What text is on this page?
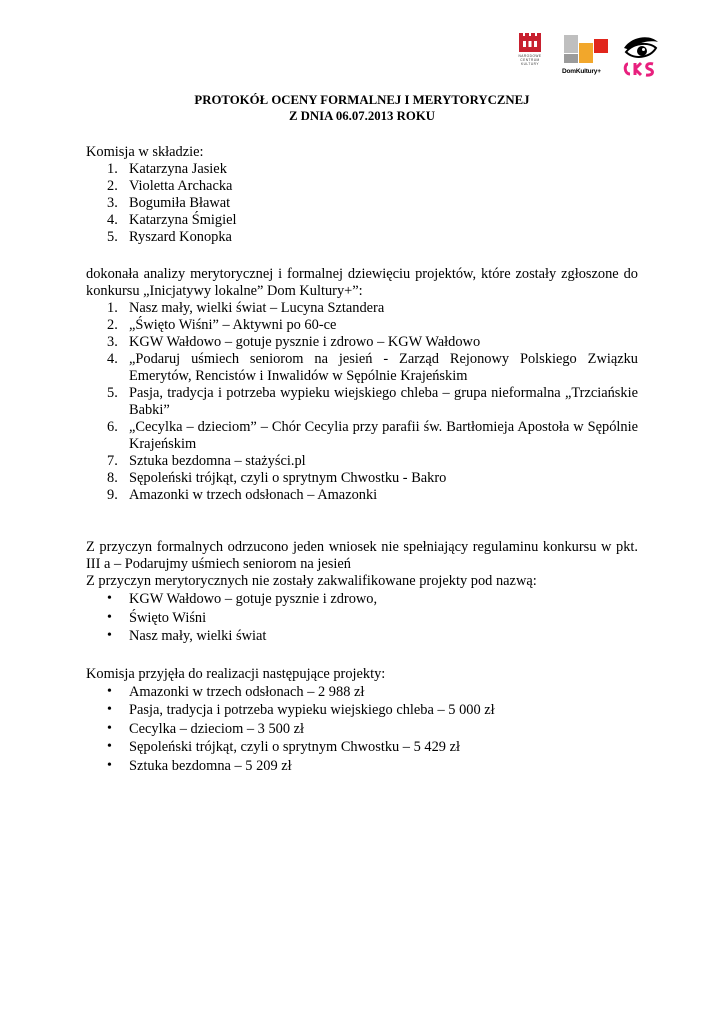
NARODOWE
CENTRUM
KULTURY
DomKultury+

PROTOKÓŁ OCENY FORMALNEJ I MERYTORYCZNEJ

Z DNIA 06.07.2013 ROKU

Komisja w składzie:

1. Katarzyna Jasiek
2. Violetta Archacka
3. Bogumiła Bławat
4. Katarzyna Śmigiel
5. Ryszard Konopka

dokonała analizy merytorycznej i formalnej dziewięciu projektów, które zostały zgłoszone do konkursu „Inicjatywy lokalne” Dom Kultury+”:

1. Nasz mały, wielki świat – Lucyna Sztandera
2. „Święto Wiśni” – Aktywni po 60-ce
3. KGW Wałdowo – gotuje pysznie i zdrowo – KGW Wałdowo
4. „Podaruj uśmiech seniorom na jesień - Zarząd Rejonowy Polskiego Związku Emerytów, Rencistów i Inwalidów w Sępólnie Krajeńskim
5. Pasja, tradycja i potrzeba wypieku wiejskiego chleba – grupa nieformalna „Trzciańskie Babki”
6. „Cecylka – dzieciom” – Chór Cecylia przy parafii św. Bartłomieja Apostoła w Sępólnie Krajeńskim
7. Sztuka bezdomna – stażyści.pl
8. Sępoleński trójkąt, czyli o sprytnym Chwostku - Bakro
9. Amazonki w trzech odsłonach – Amazonki

Z przyczyn formalnych odrzucono jeden wniosek nie spełniający regulaminu konkursu w pkt. III a – Podarujmy uśmiech seniorom na jesień

Z przyczyn merytorycznych nie zostały zakwalifikowane projekty pod nazwą:

• KGW Wałdowo – gotuje pysznie i zdrowo,
• Święto Wiśni
• Nasz mały, wielki świat

Komisja przyjęła do realizacji następujące projekty:

• Amazonki w trzech odsłonach – 2 988 zł
• Pasja, tradycja i potrzeba wypieku wiejskiego chleba – 5 000 zł
• Cecylka – dzieciom – 3 500 zł
• Sępoleński trójkąt, czyli o sprytnym Chwostku – 5 429 zł
• Sztuka bezdomna – 5 209 zł
